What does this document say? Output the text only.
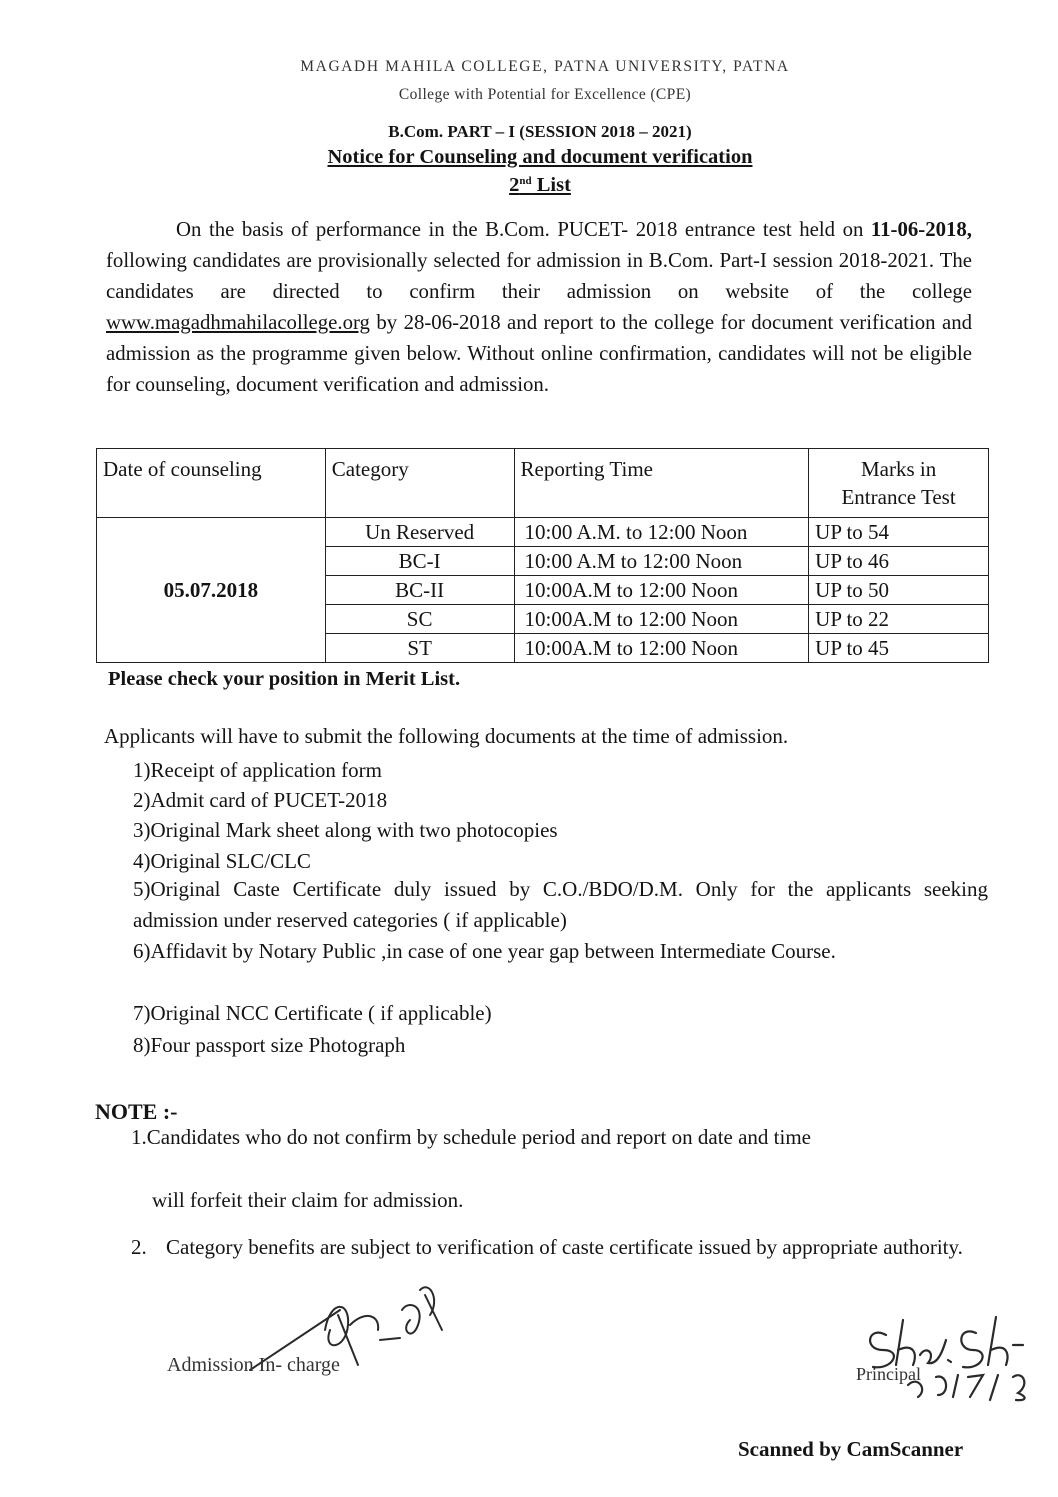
MAGADH MAHILA COLLEGE, PATNA UNIVERSITY, PATNA
College with Potential for Excellence (CPE)
B.Com. PART – I (SESSION 2018 – 2021)
Notice for Counseling and document verification
2nd List
On the basis of performance in the B.Com. PUCET- 2018 entrance test held on 11-06-2018, following candidates are provisionally selected for admission in B.Com. Part-I session 2018-2021. The candidates are directed to confirm their admission on website of the college www.magadhmahilacollege.org by 28-06-2018 and report to the college for document verification and admission as the programme given below. Without online confirmation, candidates will not be eligible for counseling, document verification and admission.
Date of counseling	Category	Reporting Time	Marks in
Entrance Test
05.07.2018	Un Reserved	10:00 A.M. to 12:00 Noon	UP to 54
	BC-I	10:00 A.M to 12:00 Noon	UP to 46
	BC-II	10:00A.M to 12:00 Noon	UP to 50
	SC	10:00A.M to 12:00 Noon	UP to 22
	ST	10:00A.M to 12:00 Noon	UP to 45
Please check your position in Merit List.
Applicants will have to submit the following documents at the time of admission.
1)Receipt of application form
2)Admit card of PUCET-2018
3)Original Mark sheet along with two photocopies
4)Original SLC/CLC
5)Original Caste Certificate duly issued by C.O./BDO/D.M. Only for the applicants seeking admission under reserved categories ( if applicable)
6)Affidavit by Notary Public ,in case of one year gap between Intermediate Course.
7)Original NCC Certificate ( if applicable)
8)Four passport size Photograph
NOTE :-
1.Candidates who do not confirm by schedule period and report on date and time
will forfeit their claim for admission.
2. Category benefits are subject to verification of caste certificate issued by appropriate authority.
Admission In- charge	Principal
Scanned by CamScanner
